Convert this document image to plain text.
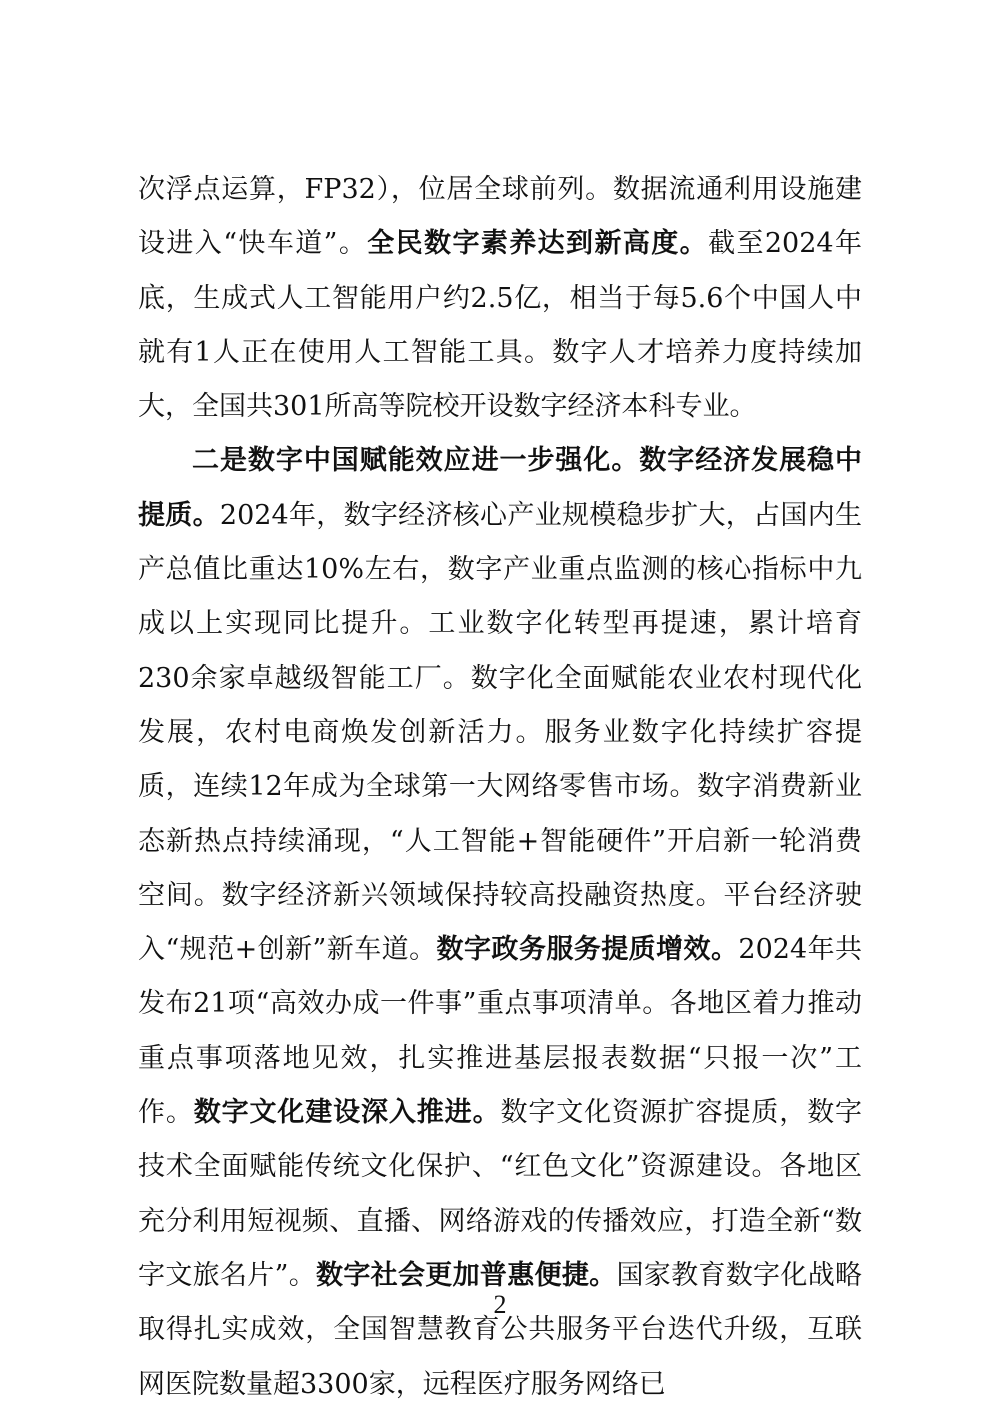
次浮点运算，FP32），位居全球前列。数据流通利用设施建设进入“快车道”。全民数字素养达到新高度。截至2024年底，生成式人工智能用户约2.5亿，相当于每5.6个中国人中就有1人正在使用人工智能工具。数字人才培养力度持续加大，全国共301所高等院校开设数字经济本科专业。

二是数字中国赋能效应进一步强化。数字经济发展稳中提质。2024年，数字经济核心产业规模稳步扩大，占国内生产总值比重达10%左右，数字产业重点监测的核心指标中九成以上实现同比提升。工业数字化转型再提速，累计培育230余家卓越级智能工厂。数字化全面赋能农业农村现代化发展，农村电商焕发创新活力。服务业数字化持续扩容提质，连续12年成为全球第一大网络零售市场。数字消费新业态新热点持续涌现，“人工智能+智能硬件”开启新一轮消费空间。数字经济新兴领域保持较高投融资热度。平台经济驶入“规范+创新”新车道。数字政务服务提质增效。2024年共发布21项“高效办成一件事”重点事项清单。各地区着力推动重点事项落地见效，扎实推进基层报表数据“只报一次”工作。数字文化建设深入推进。数字文化资源扩容提质，数字技术全面赋能传统文化保护、“红色文化”资源建设。各地区充分利用短视频、直播、网络游戏的传播效应，打造全新“数字文旅名片”。数字社会更加普惠便捷。国家教育数字化战略取得扎实成效，全国智慧教育公共服务平台迭代升级，互联网医院数量超3300家，远程医疗服务网络已

2
